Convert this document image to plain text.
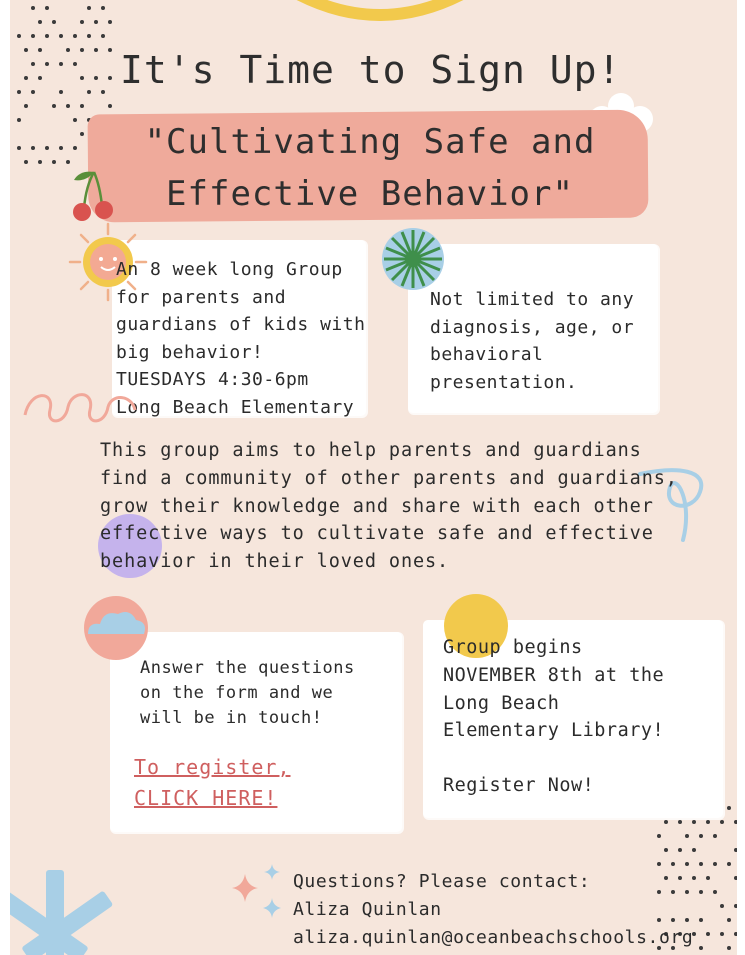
It's Time to Sign Up!
"Cultivating Safe and
Effective Behavior"
An 8 week long Group
for parents and
guardians of kids with
big behavior!
TUESDAYS 4:30-6pm
Long Beach Elementary
Not limited to any
diagnosis, age, or
behavioral
presentation.
This group aims to help parents and guardians
find a community of other parents and guardians,
grow their knowledge and share with each other
effective ways to cultivate safe and effective
behavior in their loved ones.
Answer the questions
on the form and we
will be in touch!
To register,
CLICK HERE!
Group begins
NOVEMBER 8th at the
Long Beach
Elementary Library!
Register Now!
Questions? Please contact:
Aliza Quinlan
aliza.quinlan@oceanbeachschools.org
